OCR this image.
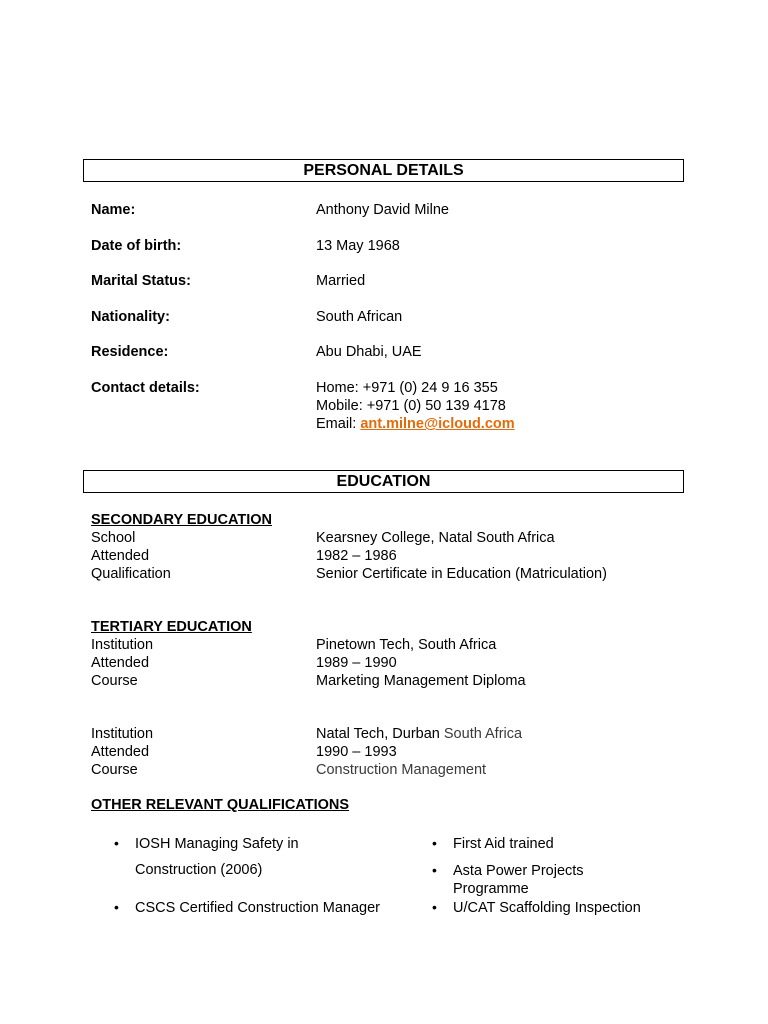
PERSONAL DETAILS
Name:	Anthony David Milne
Date of birth:	13 May 1968
Marital Status:	Married
Nationality:	South African
Residence:	Abu Dhabi, UAE
Contact details:	Home: +971 (0) 24 9 16 355
Mobile: +971 (0) 50 139 4178
Email: ant.milne@icloud.com
EDUCATION
SECONDARY EDUCATION
School	Kearsney College, Natal South Africa
Attended	1982 – 1986
Qualification	Senior Certificate in Education (Matriculation)
TERTIARY EDUCATION
Institution	Pinetown Tech, South Africa
Attended	1989 – 1990
Course	Marketing Management Diploma
Institution	Natal Tech, Durban South Africa
Attended	1990 – 1993
Course	Construction Management
OTHER RELEVANT QUALIFICATIONS
• IOSH Managing Safety in
Construction (2006)
• CSCS Certified Construction Manager
• First Aid trained
• Asta Power Projects
Programme
• U/CAT Scaffolding Inspection
